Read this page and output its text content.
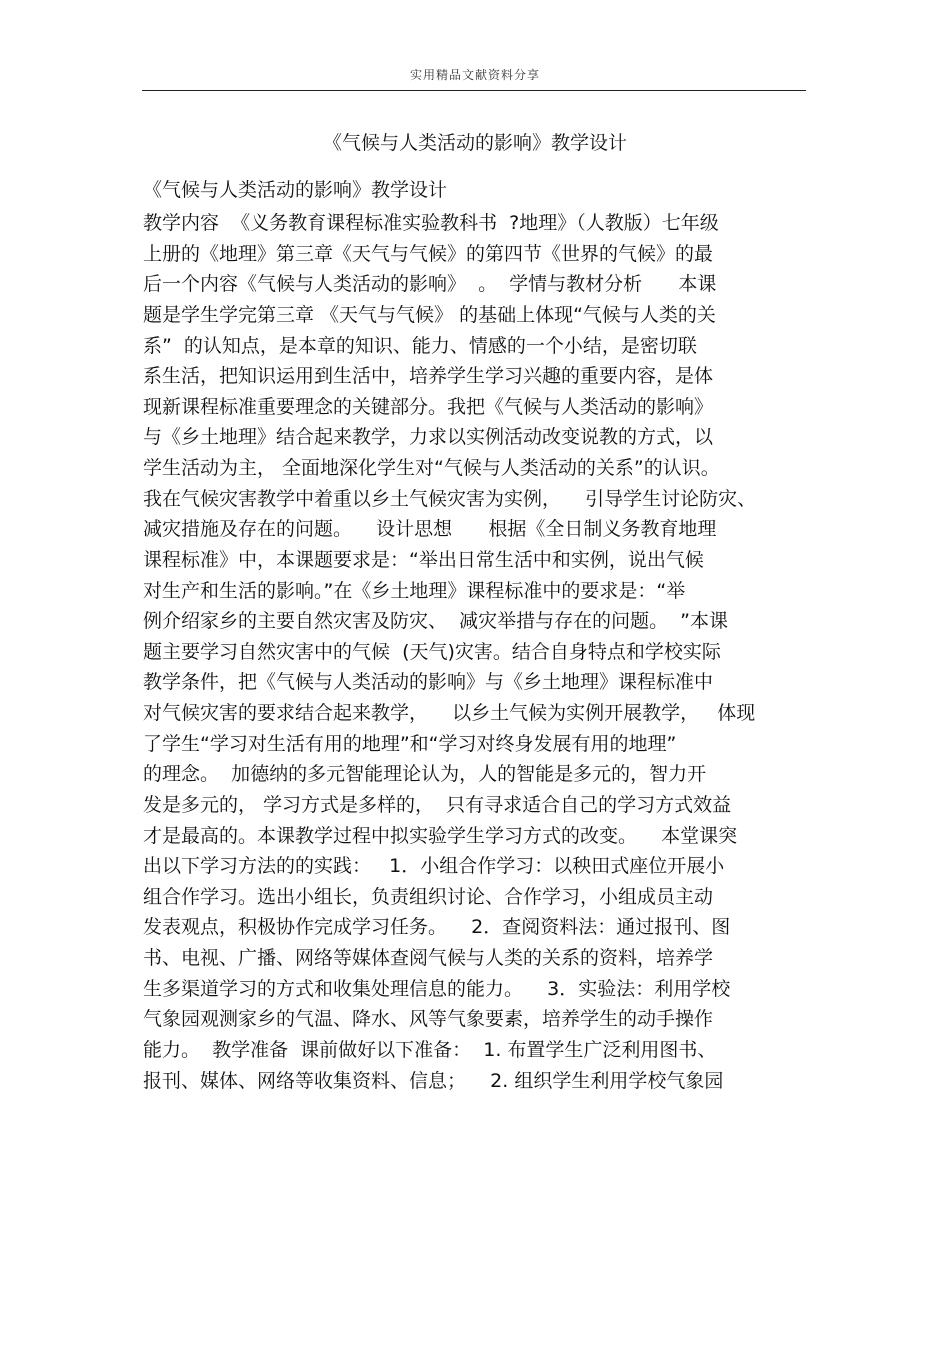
实用精品文献资料分享
《气候与人类活动的影响》教学设计
《气候与人类活动的影响》教学设计
教学内容  《义务教育课程标准实验教科书  ?地理》（人教版）七年级
上册的《地理》第三章《天气与气候》的第四节《世界的气候》的最
后一个内容《气候与人类活动的影响》  。  学情与教材分析      本课
题是学生学完第三章 《天气与气候》 的基础上体现“气候与人类的关
系”  的认知点，是本章的知识、能力、情感的一个小结，是密切联
系生活，把知识运用到生活中，培养学生学习兴趣的重要内容，是体
现新课程标准重要理念的关键部分。我把《气候与人类活动的影响》
与《乡土地理》结合起来教学，力求以实例活动改变说教的方式，以
学生活动为主， 全面地深化学生对“气候与人类活动的关系”的认识。
我在气候灾害教学中着重以乡土气候灾害为实例，    引导学生讨论防灾、
减灾措施及存在的问题。    设计思想      根据《全日制义务教育地理
课程标准》中，本课题要求是：“举出日常生活中和实例，说出气候
对生产和生活的影响。”在《乡土地理》课程标准中的要求是：“举
例介绍家乡的主要自然灾害及防灾、  减灾举措与存在的问题。  ”本课
题主要学习自然灾害中的气候  (天气)灾害。结合自身特点和学校实际
教学条件，把《气候与人类活动的影响》与《乡土地理》课程标准中
对气候灾害的要求结合起来教学，    以乡土气候为实例开展教学，   体现
了学生“学习对生活有用的地理”和“学习对终身发展有用的地理”
的理念。  加德纳的多元智能理论认为，人的智能是多元的，智力开
发是多元的， 学习方式是多样的，  只有寻求适合自己的学习方式效益
才是最高的。本课教学过程中拟实验学生学习方式的改变。    本堂课突
出以下学习方法的的实践：   1．小组合作学习：以秧田式座位开展小
组合作学习。选出小组长，负责组织讨论、合作学习，小组成员主动
发表观点，积极协作完成学习任务。    2．查阅资料法：通过报刊、图
书、电视、广播、网络等媒体查阅气候与人类的关系的资料，培养学
生多渠道学习的方式和收集处理信息的能力。    3．实验法：利用学校
气象园观测家乡的气温、降水、风等气象要素，培养学生的动手操作
能力。  教学准备  课前做好以下准备：  1. 布置学生广泛利用图书、
报刊、媒体、网络等收集资料、信息；    2. 组织学生利用学校气象园
